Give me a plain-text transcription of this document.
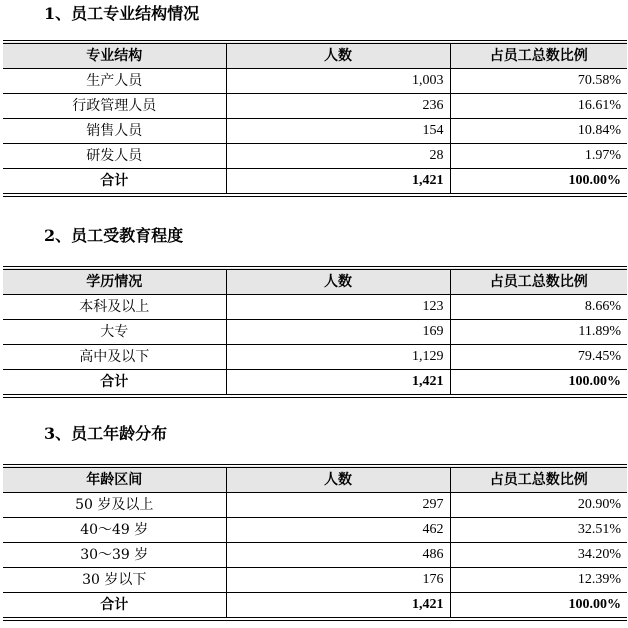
1、员工专业结构情况
专业结构	人数	占员工总数比例
生产人员	1,003	70.58%
行政管理人员	236	16.61%
销售人员	154	10.84%
研发人员	28	1.97%
合计	1,421	100.00%
2、员工受教育程度
学历情况	人数	占员工总数比例
本科及以上	123	8.66%
大专	169	11.89%
高中及以下	1,129	79.45%
合计	1,421	100.00%
3、员工年龄分布
年龄区间	人数	占员工总数比例
50 岁及以上	297	20.90%
40～49 岁	462	32.51%
30～39 岁	486	34.20%
30 岁以下	176	12.39%
合计	1,421	100.00%
